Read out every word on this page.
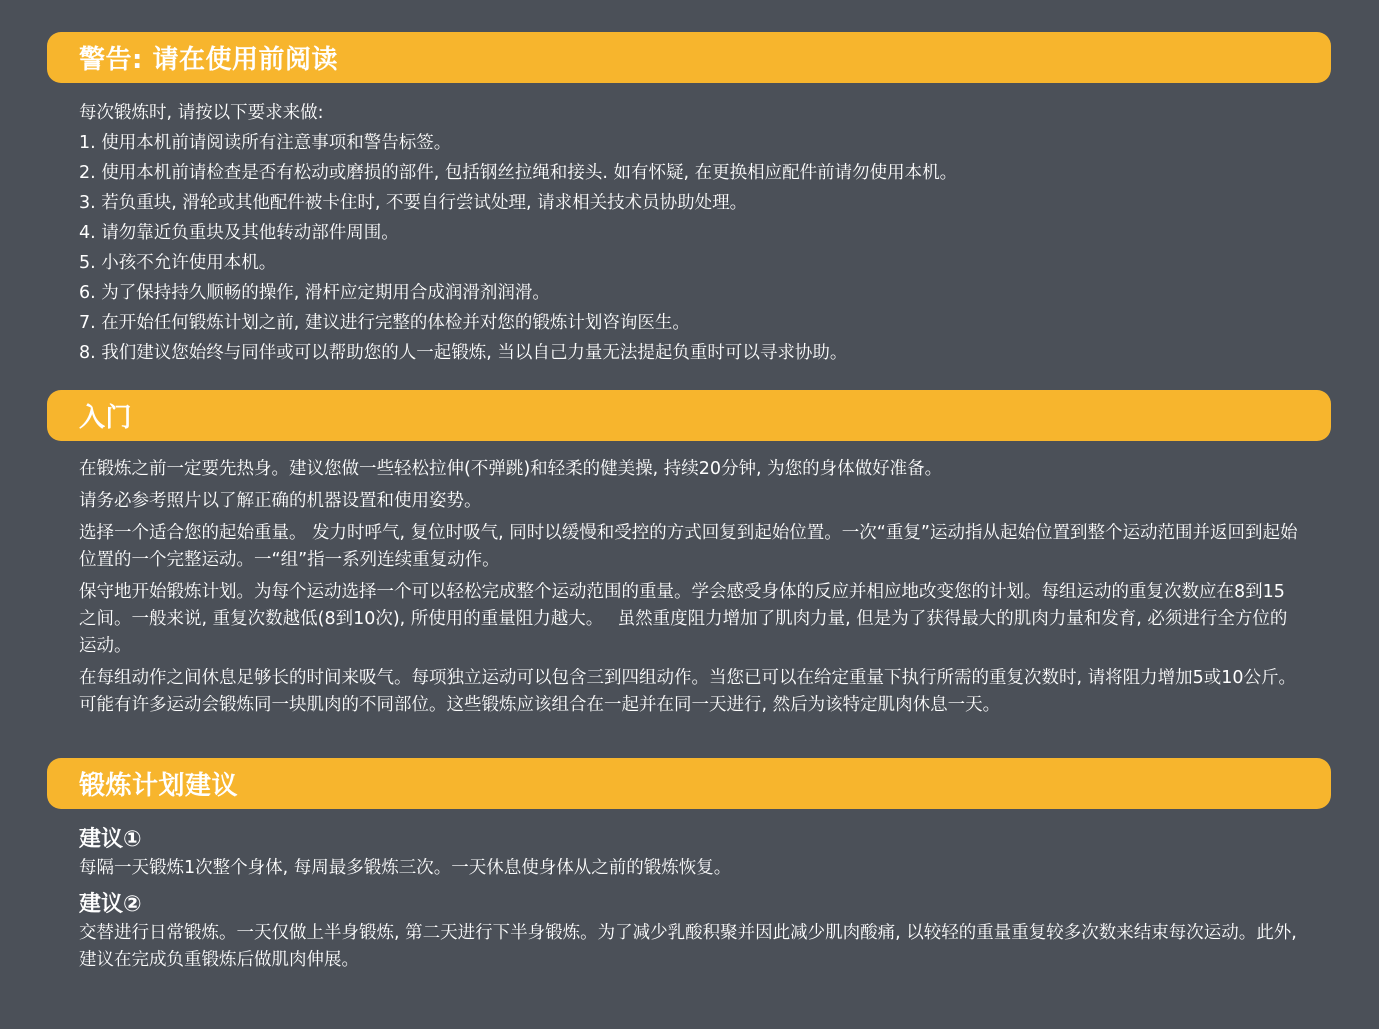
警告: 请在使用前阅读
每次锻炼时, 请按以下要求来做:
1. 使用本机前请阅读所有注意事项和警告标签。
2. 使用本机前请检查是否有松动或磨损的部件, 包括钢丝拉绳和接头. 如有怀疑, 在更换相应配件前请勿使用本机。
3. 若负重块, 滑轮或其他配件被卡住时, 不要自行尝试处理, 请求相关技术员协助处理。
4. 请勿靠近负重块及其他转动部件周围。
5. 小孩不允许使用本机。
6. 为了保持持久顺畅的操作, 滑杆应定期用合成润滑剂润滑。
7. 在开始任何锻炼计划之前, 建议进行完整的体检并对您的锻炼计划咨询医生。
8. 我们建议您始终与同伴或可以帮助您的人一起锻炼, 当以自己力量无法提起负重时可以寻求协助。
入门

在锻炼之前一定要先热身。建议您做一些轻松拉伸(不弹跳)和轻柔的健美操, 持续20分钟, 为您的身体做好准备。

请务必参考照片以了解正确的机器设置和使用姿势。

选择一个适合您的起始重量。 发力时呼气, 复位时吸气, 同时以缓慢和受控的方式回复到起始位置。一次“重复”运动指从起始位置到整个运动范围并返回到起始位置的一个完整运动。一“组”指一系列连续重复动作。

保守地开始锻炼计划。为每个运动选择一个可以轻松完成整个运动范围的重量。学会感受身体的反应并相应地改变您的计划。每组运动的重复次数应在8到15之间。一般来说, 重复次数越低(8到10次), 所使用的重量阻力越大。　 虽然重度阻力增加了肌肉力量, 但是为了获得最大的肌肉力量和发育, 必须进行全方位的运动。

在每组动作之间休息足够长的时间来吸气。每项独立运动可以包含三到四组动作。当您已可以在给定重量下执行所需的重复次数时, 请将阻力增加5或10公斤。可能有许多运动会锻炼同一块肌肉的不同部位。这些锻炼应该组合在一起并在同一天进行, 然后为该特定肌肉休息一天。

锻炼计划建议
建议①

每隔一天锻炼1次整个身体, 每周最多锻炼三次。一天休息使身体从之前的锻炼恢复。

建议②

交替进行日常锻炼。一天仅做上半身锻炼, 第二天进行下半身锻炼。为了减少乳酸积聚并因此减少肌肉酸痛, 以较轻的重量重复较多次数来结束每次运动。此外, 建议在完成负重锻炼后做肌肉伸展。
